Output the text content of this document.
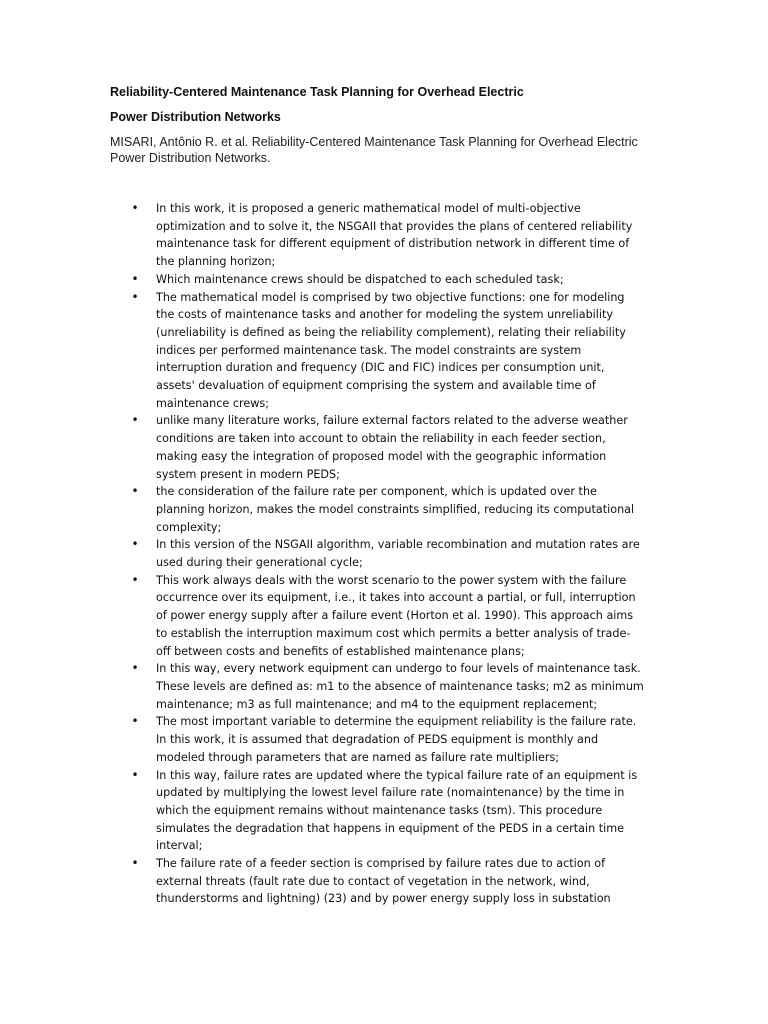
Reliability-Centered Maintenance Task Planning for Overhead Electric
Power Distribution Networks

MISARI, Antônio R. et al. Reliability-Centered Maintenance Task Planning for Overhead Electric
Power Distribution Networks.

•	In this work, it is proposed a generic mathematical model of multi-objective
optimization and to solve it, the NSGAII that provides the plans of centered reliability
maintenance task for different equipment of distribution network in different time of
the planning horizon;
•	Which maintenance crews should be dispatched to each scheduled task;
•	The mathematical model is comprised by two objective functions: one for modeling
the costs of maintenance tasks and another for modeling the system unreliability
(unreliability is defined as being the reliability complement), relating their reliability
indices per performed maintenance task. The model constraints are system
interruption duration and frequency (DIC and FIC) indices per consumption unit,
assets' devaluation of equipment comprising the system and available time of
maintenance crews;
•	unlike many literature works, failure external factors related to the adverse weather
conditions are taken into account to obtain the reliability in each feeder section,
making easy the integration of proposed model with the geographic information
system present in modern PEDS;
•	the consideration of the failure rate per component, which is updated over the
planning horizon, makes the model constraints simplified, reducing its computational
complexity;
•	In this version of the NSGAII algorithm, variable recombination and mutation rates are
used during their generational cycle;
•	This work always deals with the worst scenario to the power system with the failure
occurrence over its equipment, i.e., it takes into account a partial, or full, interruption
of power energy supply after a failure event (Horton et al. 1990). This approach aims
to establish the interruption maximum cost which permits a better analysis of trade-
off between costs and benefits of established maintenance plans;
•	In this way, every network equipment can undergo to four levels of maintenance task.
These levels are defined as: m1 to the absence of maintenance tasks; m2 as minimum
maintenance; m3 as full maintenance; and m4 to the equipment replacement;
•	The most important variable to determine the equipment reliability is the failure rate.
In this work, it is assumed that degradation of PEDS equipment is monthly and
modeled through parameters that are named as failure rate multipliers;
•	In this way, failure rates are updated where the typical failure rate of an equipment is
updated by multiplying the lowest level failure rate (nomaintenance) by the time in
which the equipment remains without maintenance tasks (tsm). This procedure
simulates the degradation that happens in equipment of the PEDS in a certain time
interval;
•	The failure rate of a feeder section is comprised by failure rates due to action of
external threats (fault rate due to contact of vegetation in the network, wind,
thunderstorms and lightning) (23) and by power energy supply loss in substation
